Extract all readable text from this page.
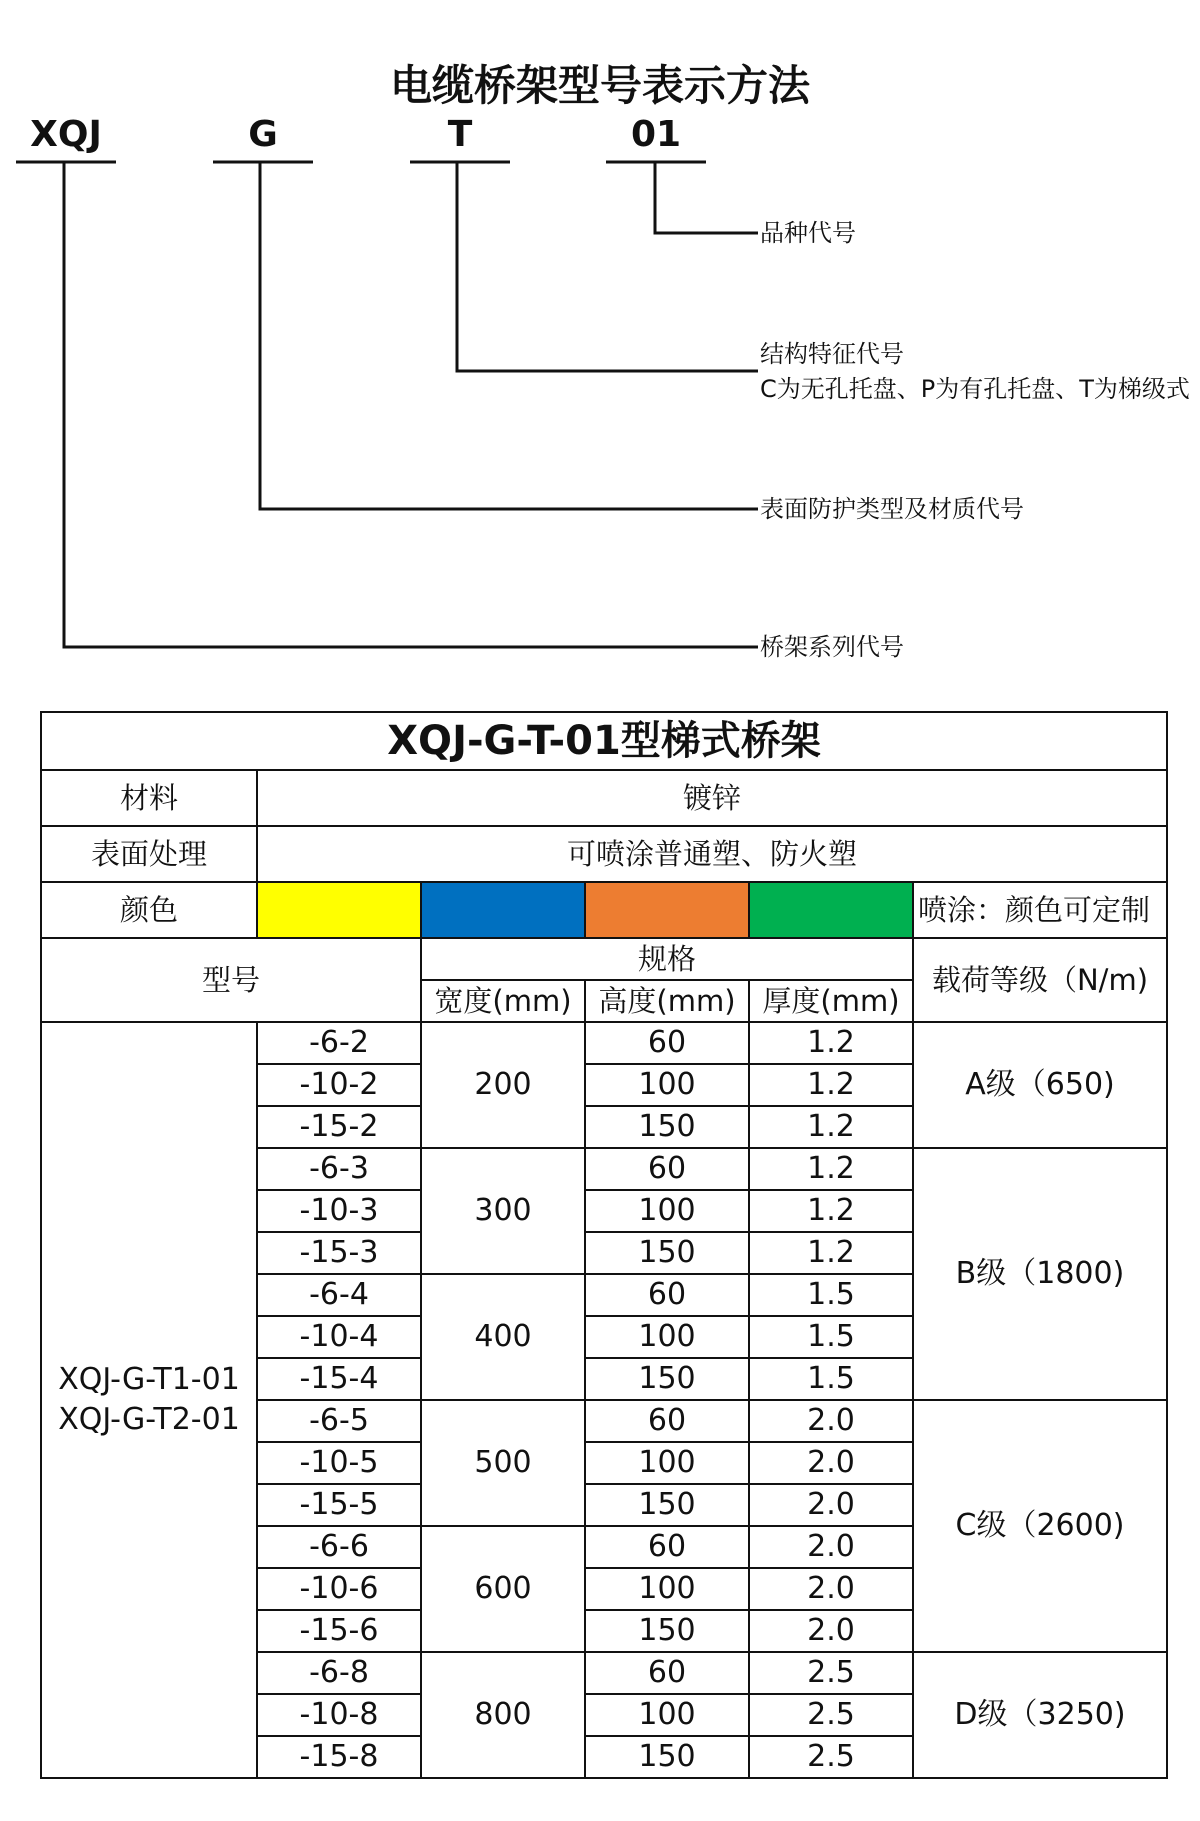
电缆桥架型号表示方法
XQJ	G	T	01
品种代号
结构特征代号
C为无孔托盘、P为有孔托盘、T为梯级式
表面防护类型及材质代号
桥架系列代号
XQJ-G-T-01型梯式桥架					
材料	镀锌				
表面处理	可喷涂普通塑、防火塑				
颜色					喷涂：颜色可定制
型号		规格			载荷等级（N/m)
		宽度(mm)	高度(mm)	厚度(mm)	

XQJ-G-T1-01
XQJ-G-T2-01	-6-2	200	60	1.2	A级（650)
	-10-2		100	1.2	
	-15-2		150	1.2	
	-6-3	300	60	1.2	B级（1800)
	-10-3		100	1.2	
	-15-3		150	1.2	
	-6-4	400	60	1.5	
	-10-4		100	1.5	
	-15-4		150	1.5	
	-6-5	500	60	2.0	C级（2600)
	-10-5		100	2.0	
	-15-5		150	2.0	
	-6-6	600	60	2.0	
	-10-6		100	2.0	
	-15-6		150	2.0	
	-6-8	800	60	2.5	D级（3250)
	-10-8		100	2.5	
	-15-8		150	2.5	
